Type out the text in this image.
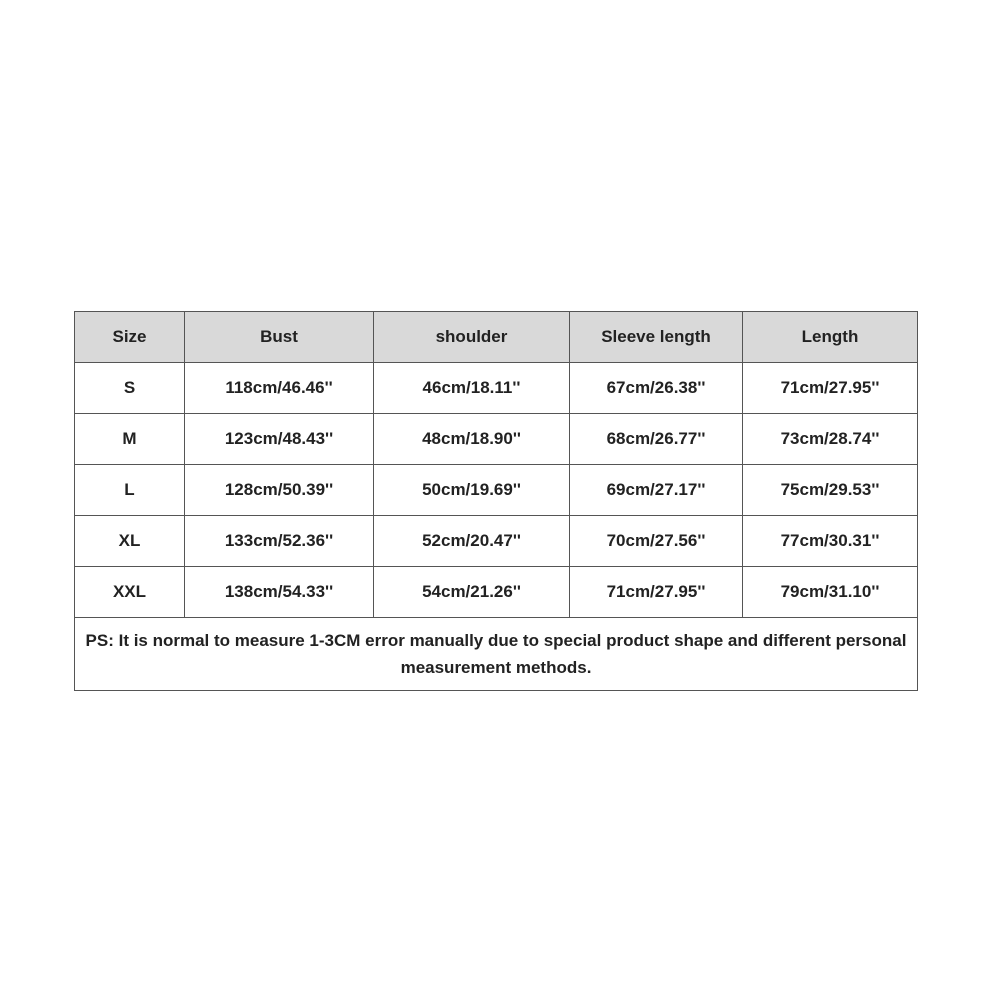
Size	Bust	shoulder	Sleeve length	Length
S	118cm/46.46''	46cm/18.11''	67cm/26.38''	71cm/27.95''
M	123cm/48.43''	48cm/18.90''	68cm/26.77''	73cm/28.74''
L	128cm/50.39''	50cm/19.69''	69cm/27.17''	75cm/29.53''
XL	133cm/52.36''	52cm/20.47''	70cm/27.56''	77cm/30.31''
XXL	138cm/54.33''	54cm/21.26''	71cm/27.95''	79cm/31.10''
PS: It is normal to measure 1-3CM error manually due to special product shape and different personal measurement methods.				
